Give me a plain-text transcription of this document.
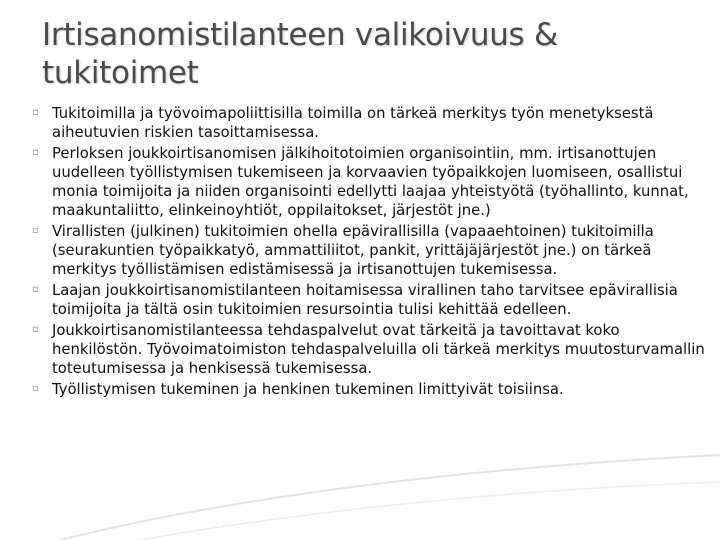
Irtisanomistilanteen valikoivuus & tukitoimet
▫ Tukitoimilla ja työvoimapoliittisilla toimilla on tärkeä merkitys työn menetyksestä aiheutuvien riskien tasoittamisessa.
▫ Perloksen joukkoirtisanomisen jälkihoitotoimien organisointiin, mm. irtisanottujen uudelleen työllistymisen tukemiseen ja korvaavien työpaikkojen luomiseen, osallistui monia toimijoita ja niiden organisointi edellytti laajaa yhteistyötä (työhallinto, kunnat, maakuntaliitto, elinkeinoyhtiöt, oppilaitokset, järjestöt jne.)
▫ Virallisten (julkinen) tukitoimien ohella epävirallisilla (vapaaehtoinen) tukitoimilla (seurakuntien työpaikkatyö, ammattiliitot, pankit, yrittäjäjärjestöt jne.) on tärkeä merkitys työllistämisen edistämisessä ja irtisanottujen tukemisessa.
▫ Laajan joukkoirtisanomistilanteen hoitamisessa virallinen taho tarvitsee epävirallisia toimijoita ja tältä osin tukitoimien resursointia tulisi kehittää edelleen.
▫ Joukkoirtisanomistilanteessa tehdaspalvelut ovat tärkeitä ja tavoittavat koko henkilöstön. Työvoimatoimiston tehdaspalveluilla oli tärkeä merkitys muutosturvamallin toteutumisessa ja henkisessä tukemisessa.
▫ Työllistymisen tukeminen ja henkinen tukeminen limittyivät toisiinsa.
